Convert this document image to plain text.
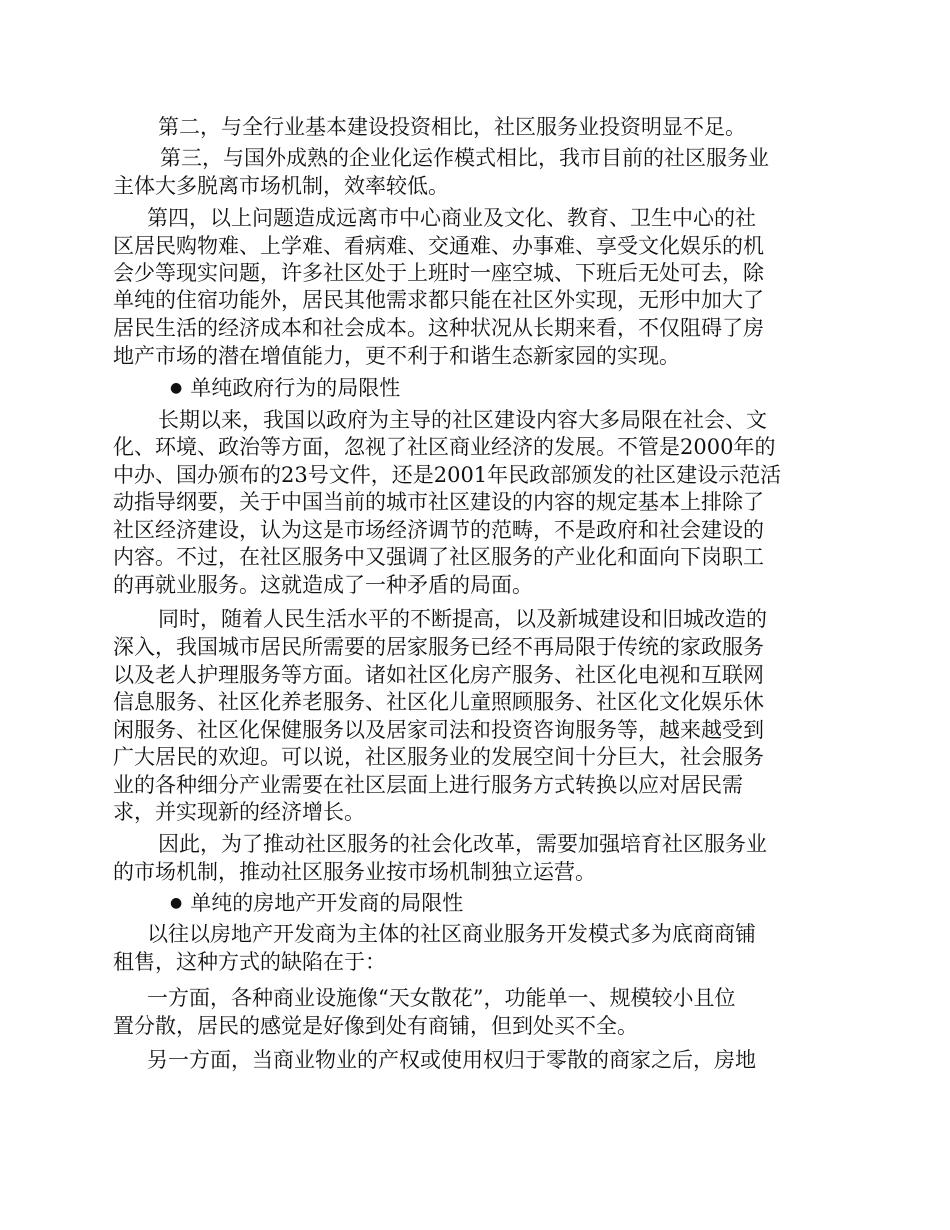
第二，与全行业基本建设投资相比，社区服务业投资明显不足。
第三，与国外成熟的企业化运作模式相比，我市目前的社区服务业
主体大多脱离市场机制，效率较低。
第四，以上问题造成远离市中心商业及文化、教育、卫生中心的社
区居民购物难、上学难、看病难、交通难、办事难、享受文化娱乐的机
会少等现实问题，许多社区处于上班时一座空城、下班后无处可去，除
单纯的住宿功能外，居民其他需求都只能在社区外实现，无形中加大了
居民生活的经济成本和社会成本。这种状况从长期来看，不仅阻碍了房
地产市场的潜在增值能力，更不利于和谐生态新家园的实现。
● 单纯政府行为的局限性
长期以来，我国以政府为主导的社区建设内容大多局限在社会、文
化、环境、政治等方面，忽视了社区商业经济的发展。不管是2000年的
中办、国办颁布的23号文件，还是2001年民政部颁发的社区建设示范活
动指导纲要，关于中国当前的城市社区建设的内容的规定基本上排除了
社区经济建设，认为这是市场经济调节的范畴，不是政府和社会建设的
内容。不过，在社区服务中又强调了社区服务的产业化和面向下岗职工
的再就业服务。这就造成了一种矛盾的局面。
同时，随着人民生活水平的不断提高，以及新城建设和旧城改造的
深入，我国城市居民所需要的居家服务已经不再局限于传统的家政服务
以及老人护理服务等方面。诸如社区化房产服务、社区化电视和互联网
信息服务、社区化养老服务、社区化儿童照顾服务、社区化文化娱乐休
闲服务、社区化保健服务以及居家司法和投资咨询服务等，越来越受到
广大居民的欢迎。可以说，社区服务业的发展空间十分巨大，社会服务
业的各种细分产业需要在社区层面上进行服务方式转换以应对居民需
求，并实现新的经济增长。
因此，为了推动社区服务的社会化改革，需要加强培育社区服务业
的市场机制，推动社区服务业按市场机制独立运营。
● 单纯的房地产开发商的局限性
以往以房地产开发商为主体的社区商业服务开发模式多为底商商铺
租售，这种方式的缺陷在于：
一方面，各种商业设施像“天女散花”，功能单一、规模较小且位
置分散，居民的感觉是好像到处有商铺，但到处买不全。
另一方面，当商业物业的产权或使用权归于零散的商家之后，房地
